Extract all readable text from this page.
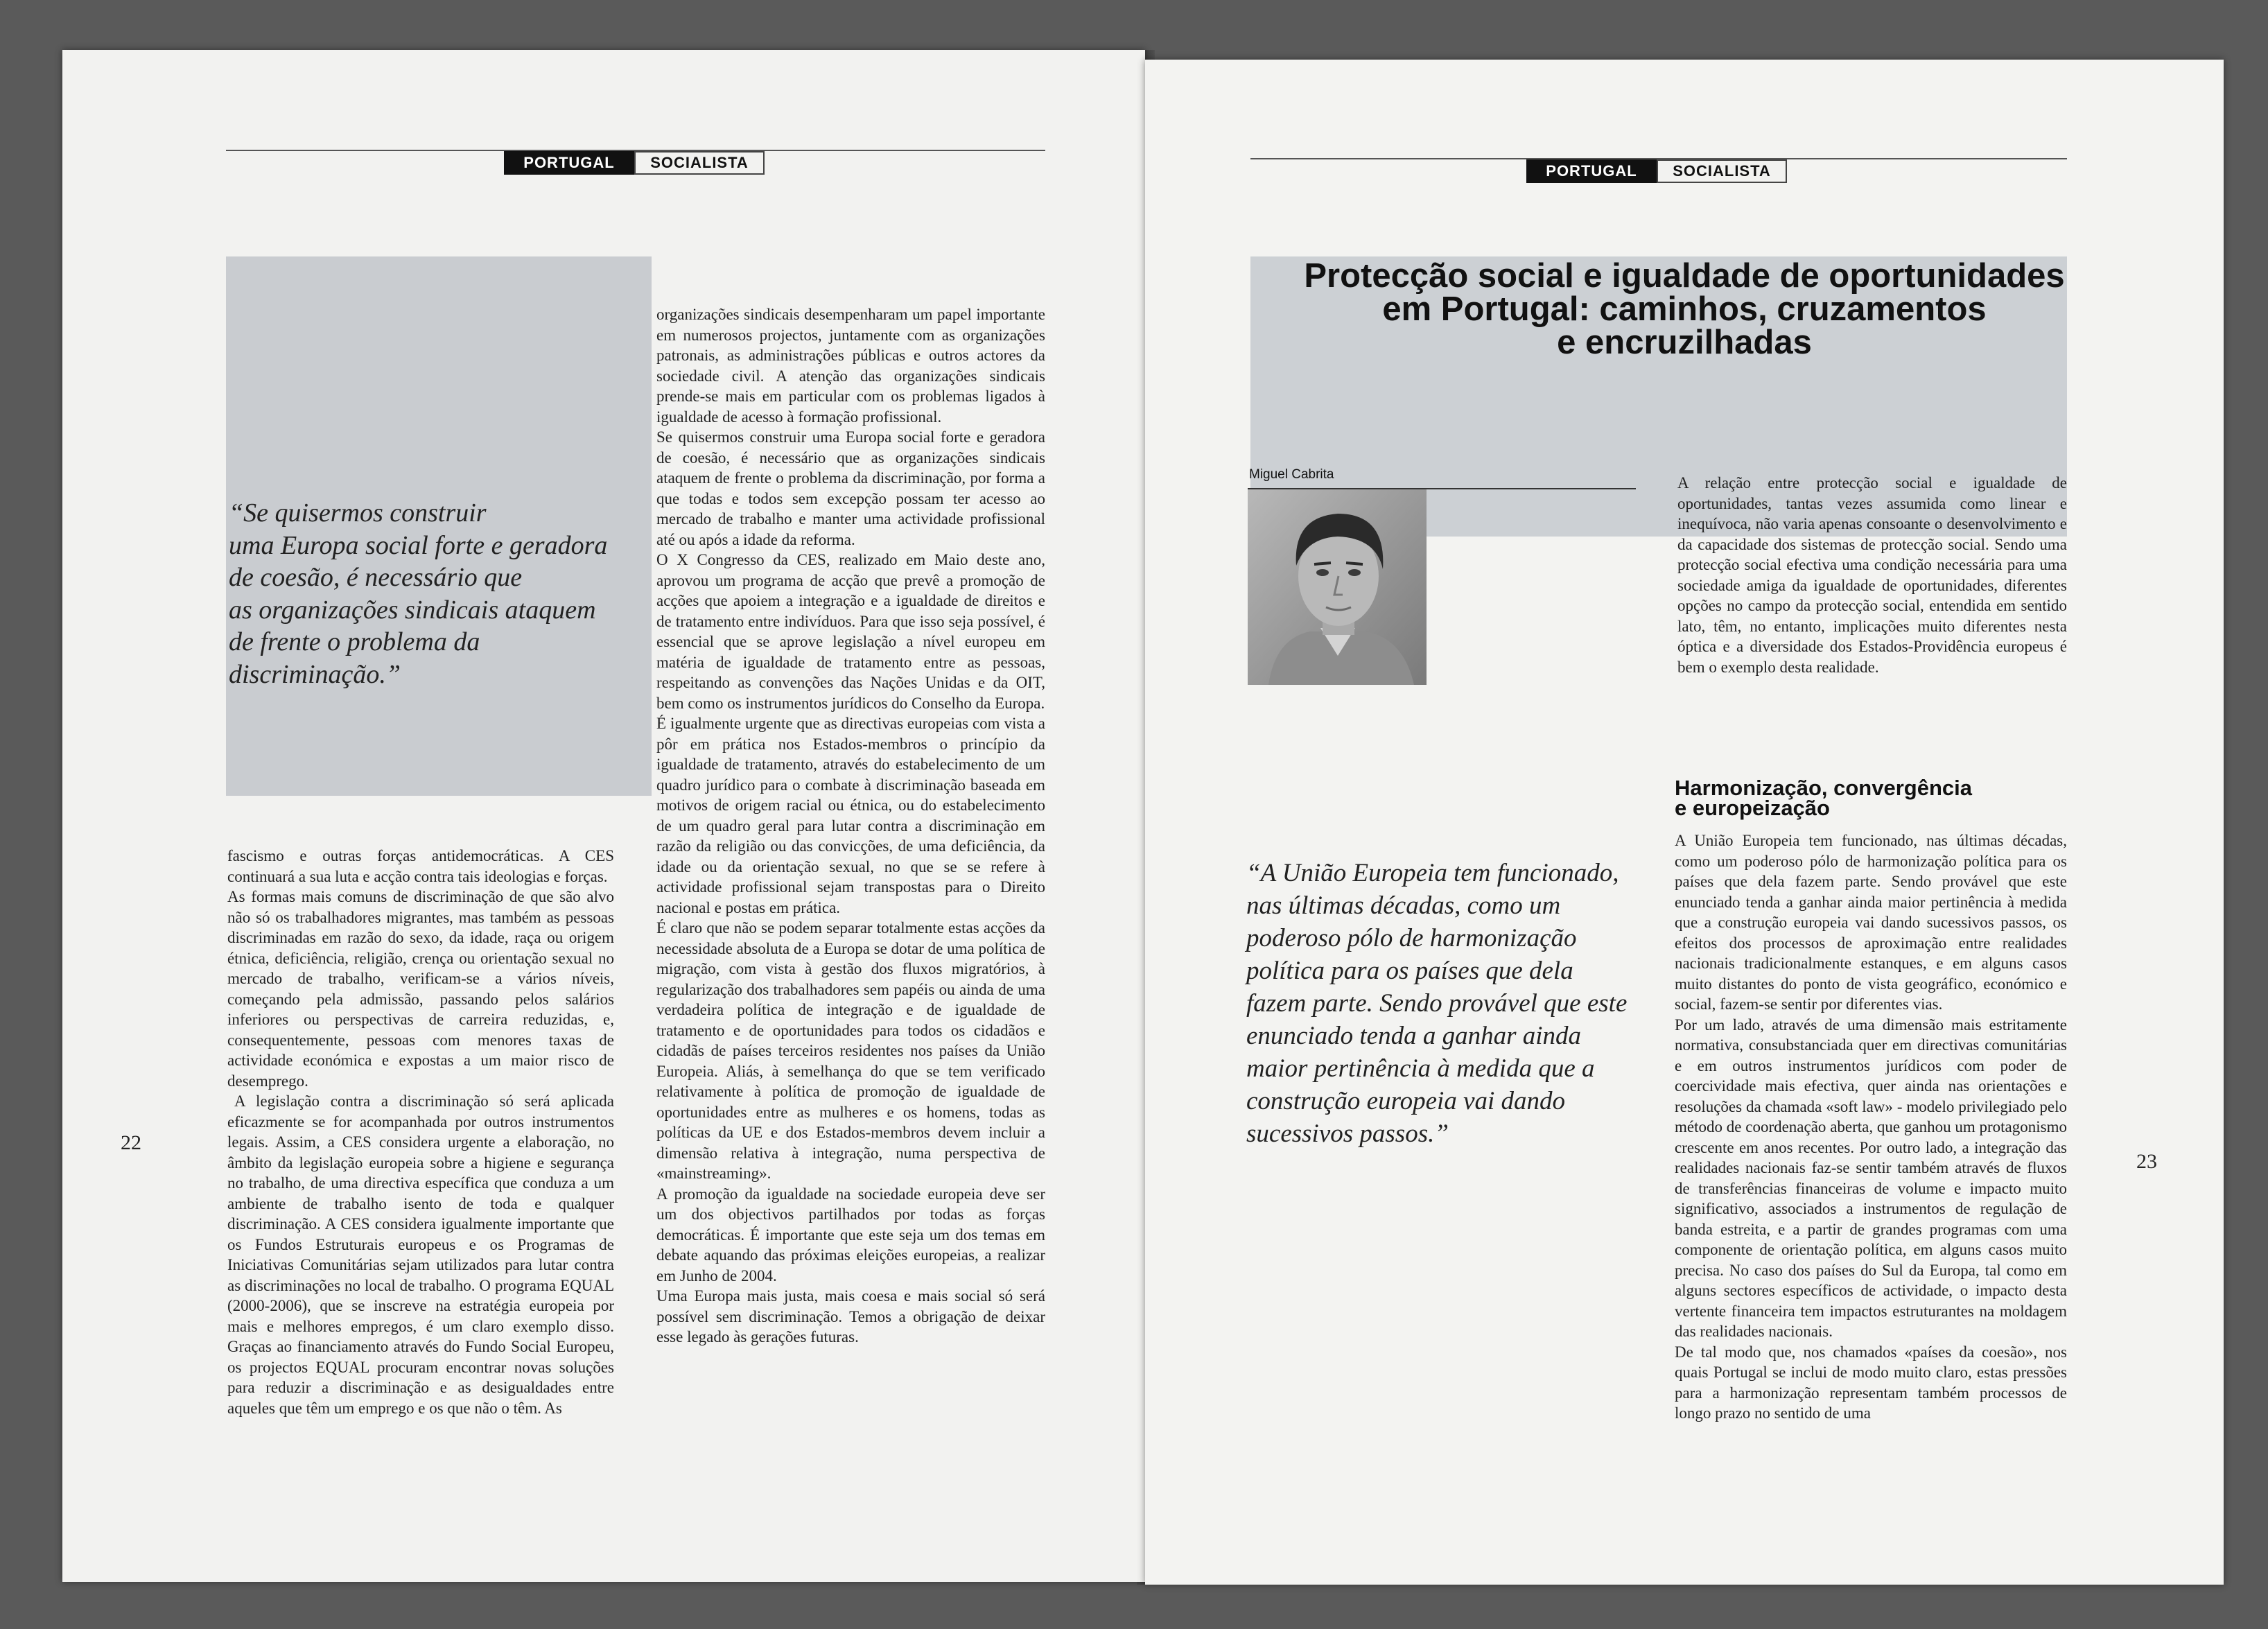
PORTUGAL	SOCIALISTA

“Se quisermos construir
uma Europa social forte e geradora
de coesão, é necessário que
as organizações sindicais ataquem
de frente o problema da
discriminação.”

fascismo e outras forças antidemocráticas. A CES continuará a sua luta e acção contra tais ideologias e forças.

As formas mais comuns de discriminação de que são alvo não só os trabalhadores migrantes, mas também as pessoas discriminadas em razão do sexo, da idade, raça ou origem étnica, deficiência, religião, crença ou orientação sexual no mercado de trabalho, verificam-se a vários níveis, começando pela admissão, passando pelos salários inferiores ou perspectivas de carreira reduzidas, e, consequentemente, pessoas com menores taxas de actividade económica e expostas a um maior risco de desemprego.

A legislação contra a discriminação só será aplicada eficazmente se for acompanhada por outros instrumentos legais. Assim, a CES considera urgente a elaboração, no âmbito da legislação europeia sobre a higiene e segurança no trabalho, de uma directiva específica que conduza a um ambiente de trabalho isento de toda e qualquer discriminação. A CES considera igualmente importante que os Fundos Estruturais europeus e os Programas de Iniciativas Comunitárias sejam utilizados para lutar contra as discriminações no local de trabalho. O programa EQUAL (2000-2006), que se inscreve na estratégia europeia por mais e melhores empregos, é um claro exemplo disso. Graças ao financiamento através do Fundo Social Europeu, os projectos EQUAL procuram encontrar novas soluções para reduzir a discriminação e as desigualdades entre aqueles que têm um emprego e os que não o têm. As

organizações sindicais desempenharam um papel importante em numerosos projectos, juntamente com as organizações patronais, as administrações públicas e outros actores da sociedade civil. A atenção das organizações sindicais prende-se mais em particular com os problemas ligados à igualdade de acesso à formação profissional.

Se quisermos construir uma Europa social forte e geradora de coesão, é necessário que as organizações sindicais ataquem de frente o problema da discriminação, por forma a que todas e todos sem excepção possam ter acesso ao mercado de trabalho e manter uma actividade profissional até ou após a idade da reforma.

O X Congresso da CES, realizado em Maio deste ano, aprovou um programa de acção que prevê a promoção de acções que apoiem a integração e a igualdade de direitos e de tratamento entre indivíduos. Para que isso seja possível, é essencial que se aprove legislação a nível europeu em matéria de igualdade de tratamento entre as pessoas, respeitando as convenções das Nações Unidas e da OIT, bem como os instrumentos jurídicos do Conselho da Europa.

É igualmente urgente que as directivas europeias com vista a pôr em prática nos Estados-membros o princípio da igualdade de tratamento, através do estabelecimento de um quadro jurídico para o combate à discriminação baseada em motivos de origem racial ou étnica, ou do estabelecimento de um quadro geral para lutar contra a discriminação em razão da religião ou das convicções, de uma deficiência, da idade ou da orientação sexual, no que se se refere à actividade profissional sejam transpostas para o Direito nacional e postas em prática.

É claro que não se podem separar totalmente estas acções da necessidade absoluta de a Europa se dotar de uma política de migração, com vista à gestão dos fluxos migratórios, à regularização dos trabalhadores sem papéis ou ainda de uma verdadeira política de integração e de igualdade de tratamento e de oportunidades para todos os cidadãos e cidadãs de países terceiros residentes nos países da União Europeia. Aliás, à semelhança do que se tem verificado relativamente à política de promoção de igualdade de oportunidades entre as mulheres e os homens, todas as políticas da UE e dos Estados-membros devem incluir a dimensão relativa à integração, numa perspectiva de «mainstreaming».

A promoção da igualdade na sociedade europeia deve ser um dos objectivos partilhados por todas as forças democráticas. É importante que este seja um dos temas em debate aquando das próximas eleições europeias, a realizar em Junho de 2004.

Uma Europa mais justa, mais coesa e mais social só será possível sem discriminação. Temos a obrigação de deixar esse legado às gerações futuras.

22
PORTUGAL	SOCIALISTA
Protecção social e igualdade de oportunidades
em Portugal: caminhos, cruzamentos
e encruzilhadas
Miguel Cabrita

“A União Europeia tem funcionado,
nas últimas décadas, como um
poderoso pólo de harmonização
política para os países que dela
fazem parte. Sendo provável que este
enunciado tenda a ganhar ainda
maior pertinência à medida que a
construção europeia vai dando
sucessivos passos.”

A relação entre protecção social e igualdade de oportunidades, tantas vezes assumida como linear e inequívoca, não varia apenas consoante o desenvolvimento e da capacidade dos sistemas de protecção social. Sendo uma protecção social efectiva uma condição necessária para uma sociedade amiga da igualdade de oportunidades, diferentes opções no campo da protecção social, entendida em sentido lato, têm, no entanto, implicações muito diferentes nesta óptica e a diversidade dos Estados-Providência europeus é bem o exemplo desta realidade.
Harmonização, convergência
e europeização

A União Europeia tem funcionado, nas últimas décadas, como um poderoso pólo de harmonização política para os países que dela fazem parte. Sendo provável que este enunciado tenda a ganhar ainda maior pertinência à medida que a construção europeia vai dando sucessivos passos, os efeitos dos processos de aproximação entre realidades nacionais tradicionalmente estanques, e em alguns casos muito distantes do ponto de vista geográfico, económico e social, fazem-se sentir por diferentes vias.

Por um lado, através de uma dimensão mais estritamente normativa, consubstanciada quer em directivas comunitárias e em outros instrumentos jurídicos com poder de coercividade mais efectiva, quer ainda nas orientações e resoluções da chamada «soft law» - modelo privilegiado pelo método de coordenação aberta, que ganhou um protagonismo crescente em anos recentes. Por outro lado, a integração das realidades nacionais faz-se sentir também através de fluxos de transferências financeiras de volume e impacto muito significativo, associados a instrumentos de regulação de banda estreita, e a partir de grandes programas com uma componente de orientação política, em alguns casos muito precisa. No caso dos países do Sul da Europa, tal como em alguns sectores específicos de actividade, o impacto desta vertente financeira tem impactos estruturantes na moldagem das realidades nacionais.

De tal modo que, nos chamados «países da coesão», nos quais Portugal se inclui de modo muito claro, estas pressões para a harmonização representam também processos de longo prazo no sentido de uma

23
